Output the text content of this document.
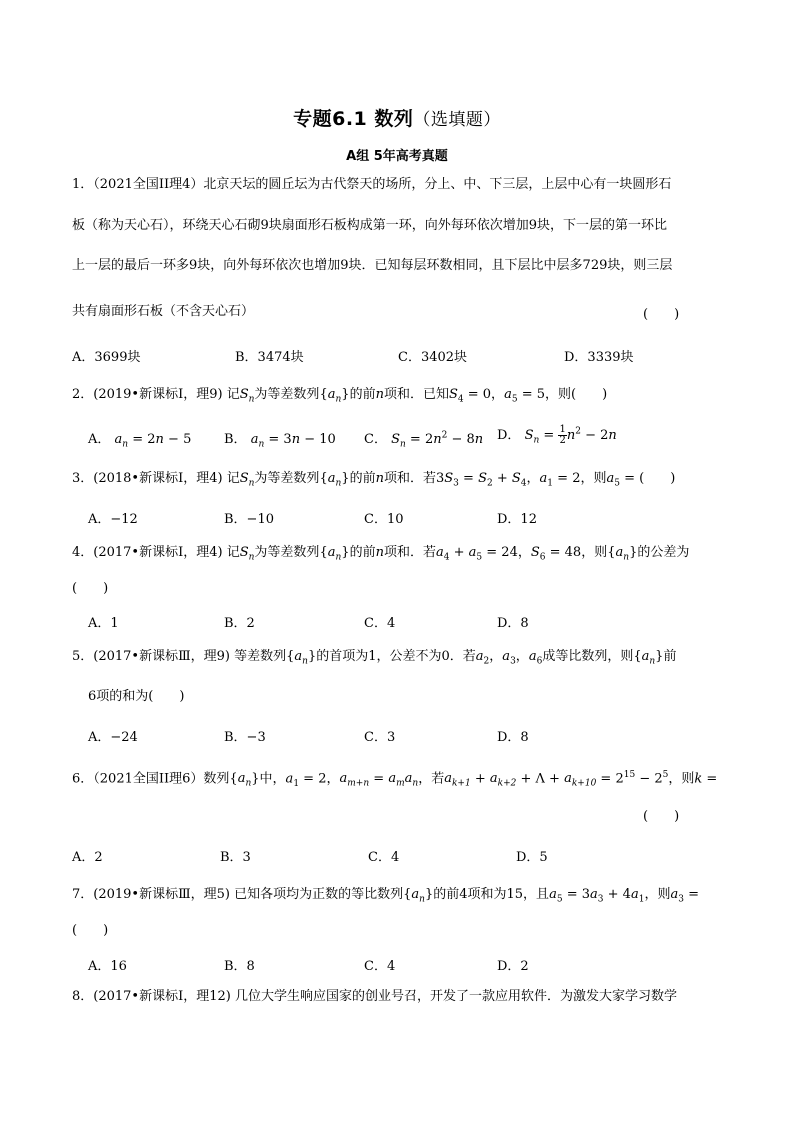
专题6.1 数列（选填题）
A组 5年高考真题
1．（2021全国II理4）北京天坛的圆丘坛为古代祭天的场所，分上、中、下三层，上层中心有一块圆形石
板（称为天心石），环绕天心石砌9块扇面形石板构成第一环，向外每环依次增加9块，下一层的第一环比
上一层的最后一环多9块，向外每环依次也增加9块．已知每层环数相同，且下层比中层多729块，则三层
共有扇面形石板（不含天心石）	(　　)
A．3699块	B．3474块	C．3402块	D．3339块
2．(2019•新课标Ⅰ，理9) 记$S_n$为等差数列$\{a_n\}$的前n项和．已知$S_4 = 0$，$a_5 = 5$，则(　　)
A． $a_n = 2n - 5$	B． $a_n = 3n - 10$ C． $S_n = 2n^2 - 8n$ D． $S_n = \frac{1}{2} n^2 - 2n$
3．(2018•新课标Ⅰ，理4) 记$S_n$为等差数列$\{a_n\}$的前n项和．若$3S_3 = S_2 + S_4$，$a_1 = 2$，则$a_5$ = (　　)
A．−12	B．−10	C．10	D．12
4．(2017•新课标Ⅰ，理4) 记$S_n$为等差数列$\{a_n\}$的前n项和．若$a_4 + a_5 = 24$，$S_6 = 48$，则$\{a_n\}$的公差为
(　　)
A．1	B．2	C．4	D．8
5．(2017•新课标Ⅲ，理9) 等差数列$\{a_n\}$的首项为1，公差不为0．若$a_2$，$a_3$，$a_6$成等比数列，则$\{a_n\}$前
6项的和为(　　)
A．−24	B．−3	C．3	D．8
6．（2021全国II理6）数列$\{a_n\}$中，$a_1 = 2$，$a_{m+n} = a_ma_n$，若$a_{k+1} + a_{k+2} + \Lambda + a_{k+10} = 2^{15} - 2^5$，则k =
(　　)
A．2	B．3	C．4	D．5
7．(2019•新课标Ⅲ，理5) 已知各项均为正数的等比数列$\{a_n\}$的前4项和为15，且$a_5 = 3a_3 + 4a_1$，则$a_3$ =
(　　)
A．16	B．8	C．4	D．2
8．(2017•新课标Ⅰ，理12) 几位大学生响应国家的创业号召，开发了一款应用软件．为激发大家学习数学
